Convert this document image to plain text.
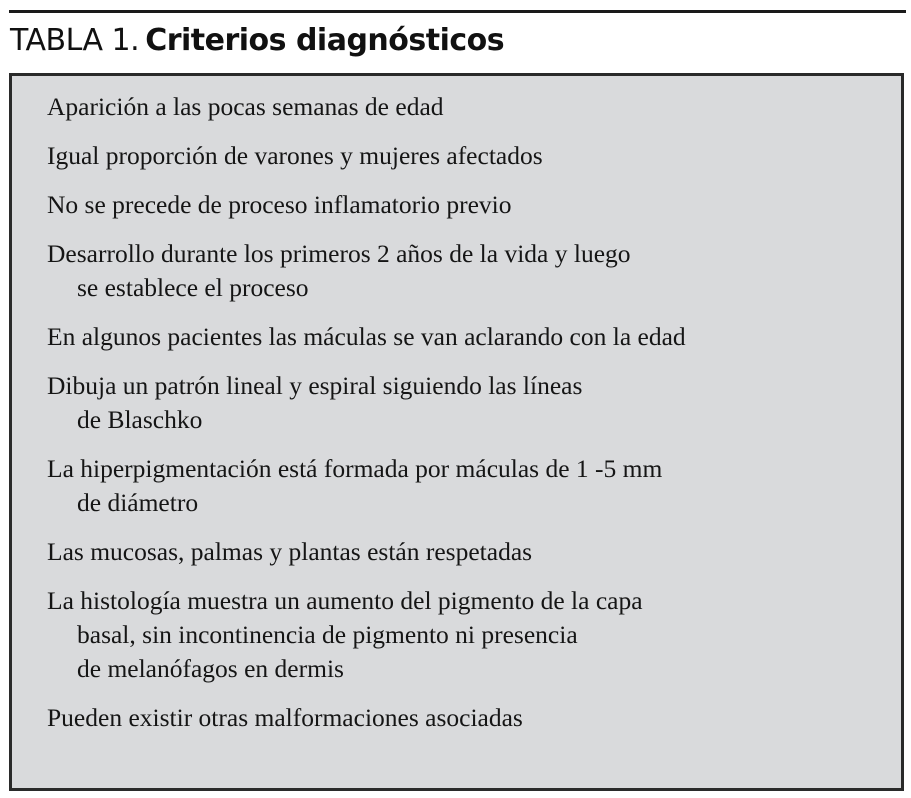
TABLA 1. Criterios diagnósticos
Aparición a las pocas semanas de edad
Igual proporción de varones y mujeres afectados
No se precede de proceso inflamatorio previo
Desarrollo durante los primeros 2 años de la vida y luego
se establece el proceso
En algunos pacientes las máculas se van aclarando con la edad
Dibuja un patrón lineal y espiral siguiendo las líneas
de Blaschko
La hiperpigmentación está formada por máculas de 1 -5 mm
de diámetro
Las mucosas, palmas y plantas están respetadas
La histología muestra un aumento del pigmento de la capa
basal, sin incontinencia de pigmento ni presencia
de melanófagos en dermis
Pueden existir otras malformaciones asociadas
